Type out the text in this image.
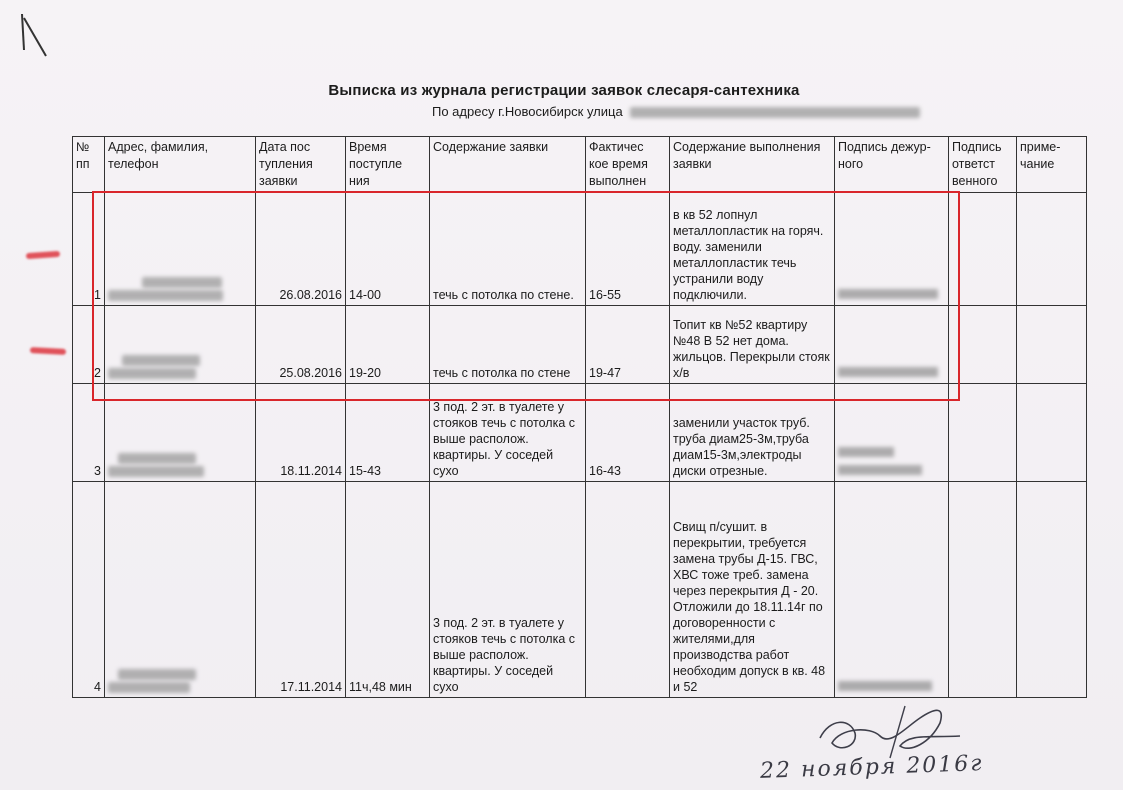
Выписка из журнала регистрации заявок слесаря-сантехника
По адресу г.Новосибирск улица
№ пп	Адрес, фамилия, телефон	Дата пос тупления заявки	Время поступле ния	Содержание заявки	Фактичес кое время выполнен	Содержание выполнения заявки	Подпись дежур- ного	Подпись ответст венного	приме- чание
1		26.08.2016	14-00	течь с потолка по стене.	16-55	в кв 52 лопнул металлопластик на горяч. воду. заменили металлопластик течь устранили воду подключили.			
2		25.08.2016	19-20	течь с потолка по стене	19-47	Топит кв №52 квартиру №48 В 52 нет дома. жильцов. Перекрыли стояк х/в			
3		18.11.2014	15-43	3 под. 2 эт. в туалете у стояков течь с потолка с выше располож. квартиры. У соседей сухо	16-43	заменили участок труб. труба диам25-3м,труба диам15-3м,электроды диски отрезные.			
4		17.11.2014	11ч,48 мин	3 под. 2 эт. в туалете у стояков течь с потолка с выше располож. квартиры. У соседей сухо		Свищ п/сушит. в перекрытии, требуется замена трубы Д-15. ГВС, ХВС тоже треб. замена через перекрытия Д - 20. Отложили до 18.11.14г по договоренности с жителями,для производства работ необходим допуск в кв. 48 и 52			
22 ноября 2016г
